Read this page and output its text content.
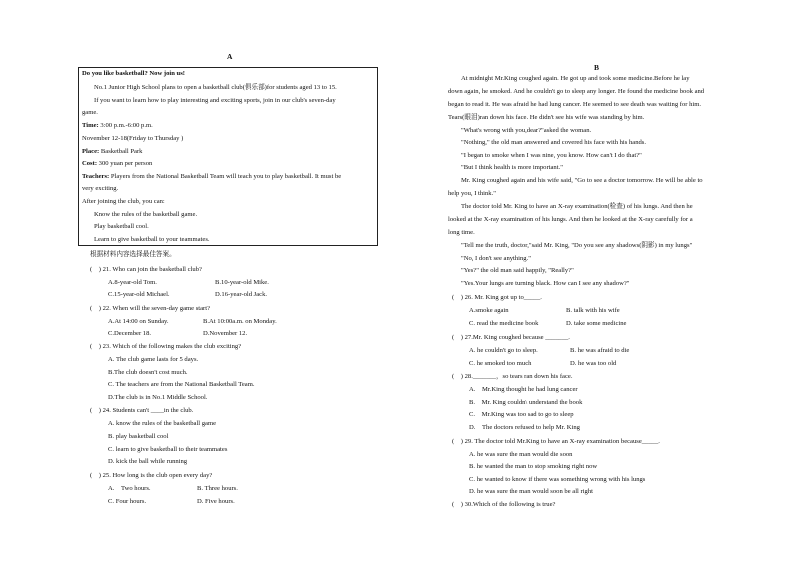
A
Do you like basketball? Now join us!
No.1 Junior High School plans to open a basketball club(俱乐部)for students aged 13 to 15.
If you want to learn how to play interesting and exciting sports, join in our club's seven-day
game.
Time: 3:00 p.m.-6:00 p.m.
November 12-18(Friday to Thursday )
Place: Basketball Park
Cost: 300 yuan per person
Teachers: Players from the National Basketball Team will teach you to play basketball. It must be
very exciting.
After joining the club, you can:
Know the rules of the basketball game.
Play basketball cool.
Learn to give basketball to your teammates.
根据材料内容选择最佳答案。
(　) 21. Who can join the basketball club?
A.8-year-old Tom.	B.10-year-old Mike.
C.15-year-old Michael.	D.16-year-old Jack.
(　) 22. When will the seven-day game start?
A.At 14:00 on Sunday.	B.At 10:00a.m. on Monday.
C.December 18.	D.November 12.
(　) 23. Which of the following makes the club exciting?
A. The club game lasts for 5 days.
B.The club doesn't cost much.
C. The teachers are from the National Basketball Team.
D.The club is in No.1 Middle School.
(　) 24. Students can't ____in the club.
A. know the rules of the basketball game
B. play basketball cool
C. learn to give basketball to their teammates
D. kick the ball while running
(　) 25. How long is the club open every day?
A.　Two hours.	B. Three hours.
C. Four hours.	D. Five hours.
B
At midnight Mr.King coughed again. He got up and took some medicine.Before he lay
down again, he smoked. And he couldn't go to sleep any longer. He found the medicine book and
began to read it. He was afraid he had lung cancer. He seemed to see death was waiting for him.
Tears(眼泪)ran down his face. He didn't see his wife was standing by him.
"What's wrong with you,dear?"asked the woman.
"Nothing," the old man answered and covered his face with his hands.
"I began to smoke when I was nine, you know. How can't I do that?"
"But I think health is more important."
Mr. King coughed again and his wife said, "Go to see a doctor tomorrow. He will be able to
help you, I think."
The doctor told Mr. King to have an X-ray examination(检查) of his lungs. And then he
looked at the X-ray examination of his lungs. And then he looked at the X-ray carefully for a
long time.
"Tell me the truth, doctor,"said Mr. King, "Do you see any shadows(阴影) in my lungs"
"No, I don't see anything."
"Yes?" the old man said happily, "Really?"
"Yes.Your lungs are turning black. How can I see any shadow?"
(　) 26. Mr. King got up to_____.
A.smoke again	B. talk with his wife
C. read the medicine book	D. take some medicine
(　) 27.Mr. King coughed because _______.
A. he couldn't go to sleep.	B. he was afraid to die
C. he smoked too much	D. he was too old
(　) 28._______，so tears ran down his face.
A.　Mr.King thought he had lung cancer
B.　Mr. King couldn\ understand the book
C.　Mr.King was too sad to go to sleep
D.　The doctors refused to help Mr. King
(　) 29. The doctor told Mr.King to have an X-ray examination because_____.
A. he was sure the man would die soon
B. he wanted the man to stop smoking right now
C. he wanted to know if there was something wrong with his lungs
D. he was sure the man would soon be all right
(　) 30.Which of the following is true?
